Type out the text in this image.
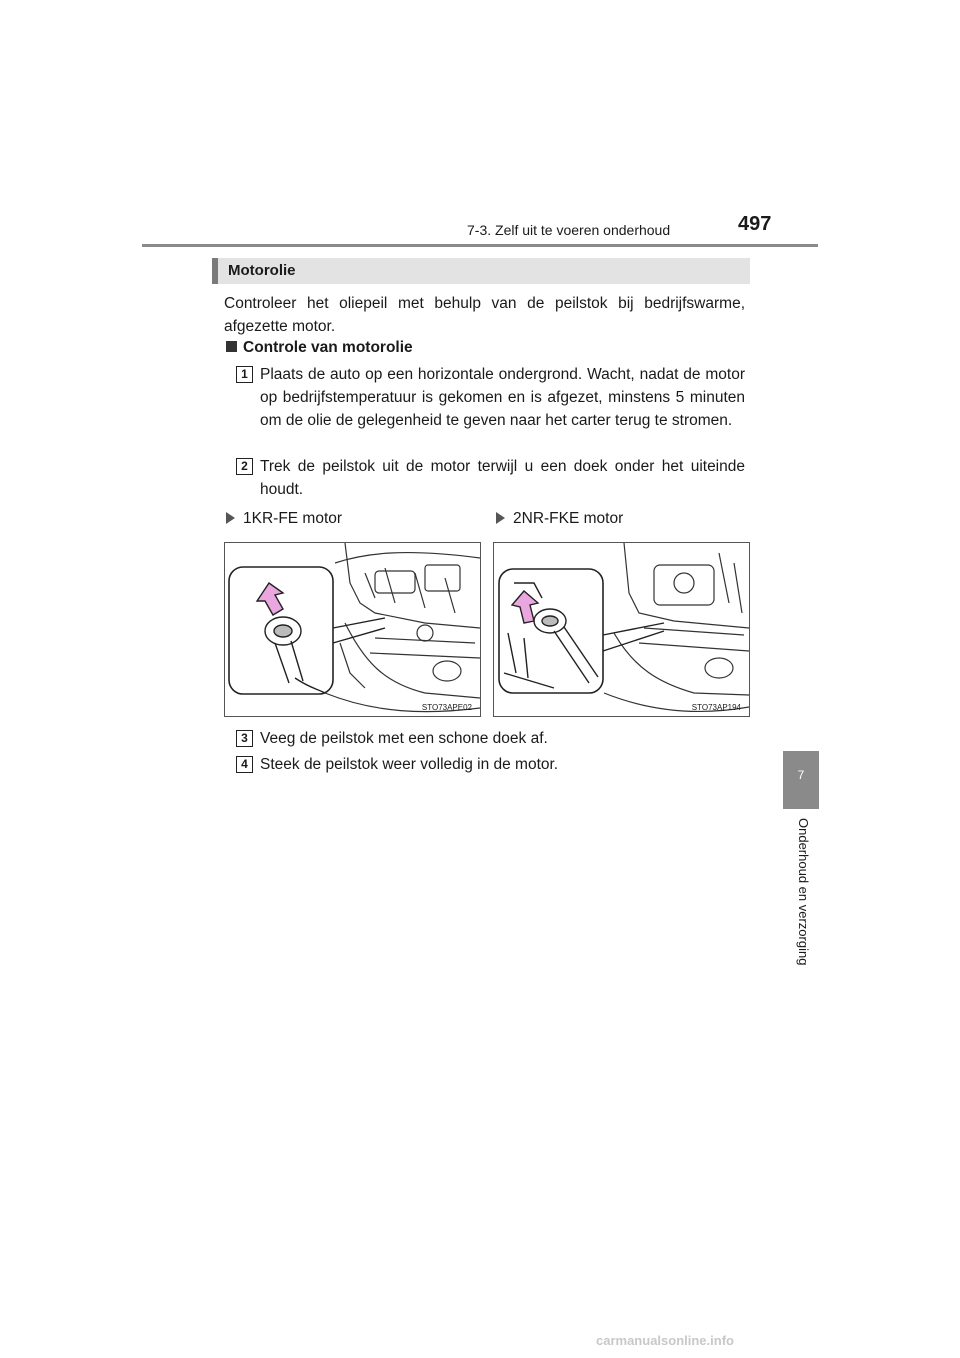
7-3. Zelf uit te voeren onderhoud	497
7
Onderhoud en verzorging
Motorolie

Controleer het oliepeil met behulp van de peilstok bij bedrijfswarme, afgezette motor.

Controle van motorolie
1 Plaats de auto op een horizontale ondergrond. Wacht, nadat de motor op bedrijfstemperatuur is gekomen en is afgezet, minstens 5 minuten om de olie de gelegenheid te geven naar het carter terug te stromen.

2 Trek de peilstok uit de motor terwijl u een doek onder het uiteinde houdt.

1KR-FE motor	2NR-FKE motor
STO73APE02	STO73AP194
3 Veeg de peilstok met een schone doek af.

4 Steek de peilstok weer volledig in de motor.

carmanualsonline.info
